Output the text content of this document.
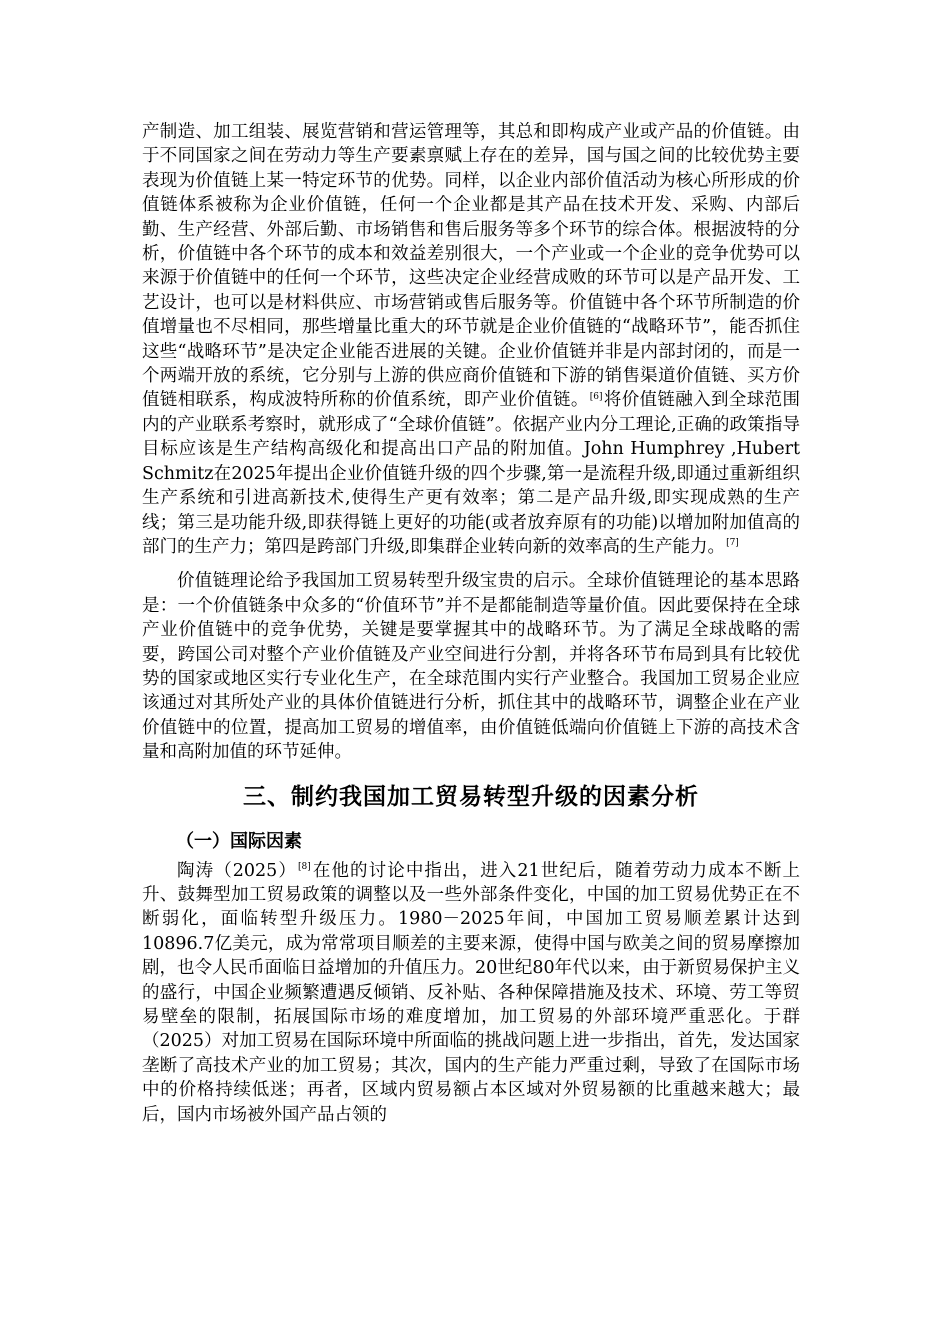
产制造、加工组装、展览营销和营运管理等，其总和即构成产业或产品的价值链。由于不同国家之间在劳动力等生产要素禀赋上存在的差异，国与国之间的比较优势主要表现为价值链上某一特定环节的优势。同样，以企业内部价值活动为核心所形成的价值链体系被称为企业价值链，任何一个企业都是其产品在技术开发、采购、内部后勤、生产经营、外部后勤、市场销售和售后服务等多个环节的综合体。根据波特的分析，价值链中各个环节的成本和效益差别很大，一个产业或一个企业的竞争优势可以来源于价值链中的任何一个环节，这些决定企业经营成败的环节可以是产品开发、工艺设计，也可以是材料供应、市场营销或售后服务等。价值链中各个环节所制造的价值增量也不尽相同，那些增量比重大的环节就是企业价值链的“战略环节”，能否抓住这些“战略环节”是决定企业能否进展的关键。企业价值链并非是内部封闭的，而是一个两端开放的系统，它分别与上游的供应商价值链和下游的销售渠道价值链、买方价值链相联系，构成波特所称的价值系统，即产业价值链。[6]将价值链融入到全球范围内的产业联系考察时，就形成了“全球价值链”。依据产业内分工理论,正确的政策指导目标应该是生产结构高级化和提高出口产品的附加值。John Humphrey ,Hubert Schmitz在2025年提出企业价值链升级的四个步骤,第一是流程升级,即通过重新组织生产系统和引进高新技术,使得生产更有效率；第二是产品升级,即实现成熟的生产线；第三是功能升级,即获得链上更好的功能(或者放弃原有的功能)以增加附加值高的部门的生产力；第四是跨部门升级,即集群企业转向新的效率高的生产能力。[7]

价值链理论给予我国加工贸易转型升级宝贵的启示。全球价值链理论的基本思路是：一个价值链条中众多的“价值环节”并不是都能制造等量价值。因此要保持在全球产业价值链中的竞争优势，关键是要掌握其中的战略环节。为了满足全球战略的需要，跨国公司对整个产业价值链及产业空间进行分割，并将各环节布局到具有比较优势的国家或地区实行专业化生产，在全球范围内实行产业整合。我国加工贸易企业应该通过对其所处产业的具体价值链进行分析，抓住其中的战略环节，调整企业在产业价值链中的位置，提高加工贸易的增值率，由价值链低端向价值链上下游的高技术含量和高附加值的环节延伸。

三、制约我国加工贸易转型升级的因素分析
（一）国际因素

陶涛（2025）[8]在他的讨论中指出，进入21世纪后，随着劳动力成本不断上升、鼓舞型加工贸易政策的调整以及一些外部条件变化，中国的加工贸易优势正在不断弱化，面临转型升级压力。1980－2025年间，中国加工贸易顺差累计达到10896.7亿美元，成为常常项目顺差的主要来源，使得中国与欧美之间的贸易摩擦加剧，也令人民币面临日益增加的升值压力。20世纪80年代以来，由于新贸易保护主义的盛行，中国企业频繁遭遇反倾销、反补贴、各种保障措施及技术、环境、劳工等贸易壁垒的限制，拓展国际市场的难度增加，加工贸易的外部环境严重恶化。于群（2025）对加工贸易在国际环境中所面临的挑战问题上进一步指出，首先，发达国家垄断了高技术产业的加工贸易；其次，国内的生产能力严重过剩，导致了在国际市场中的价格持续低迷；再者，区域内贸易额占本区域对外贸易额的比重越来越大；最后，国内市场被外国产品占领的
